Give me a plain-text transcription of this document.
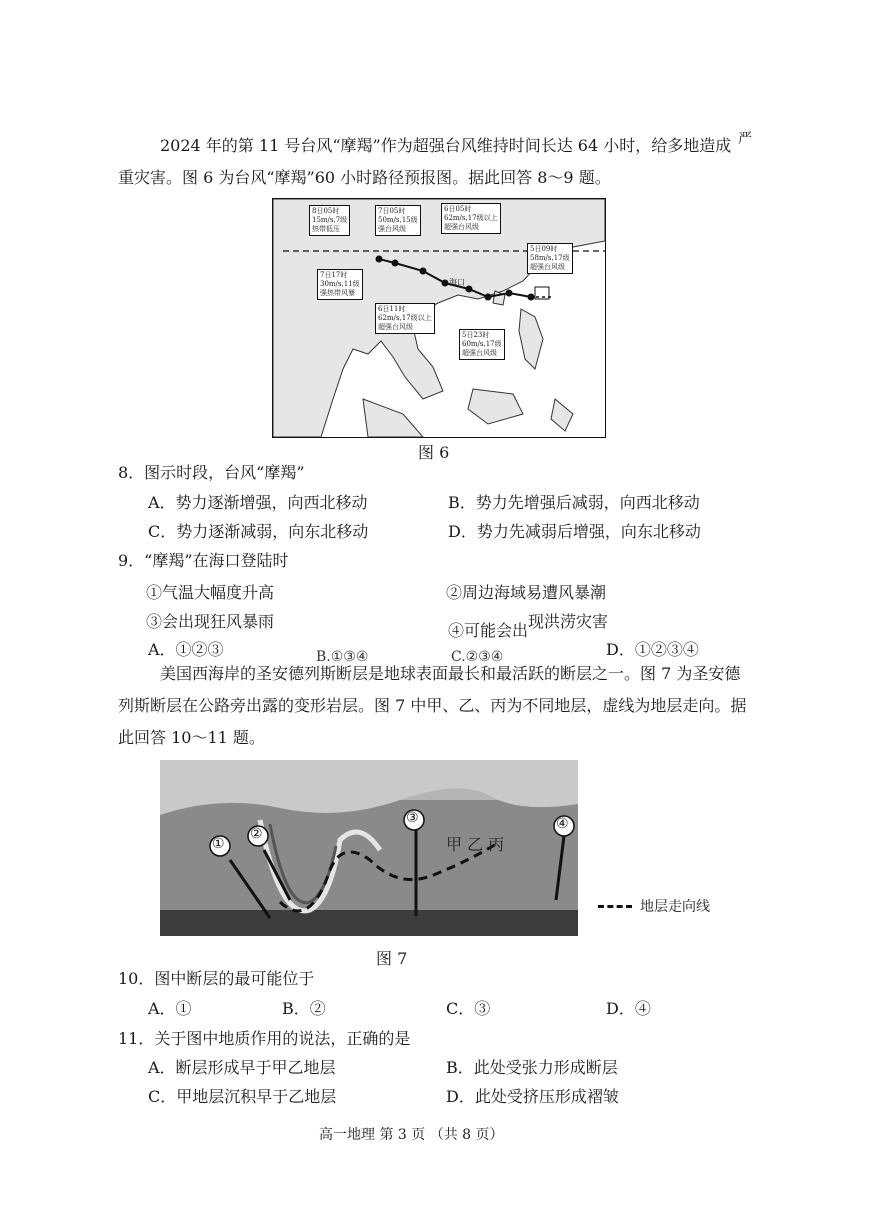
2024 年的第 11 号台风“摩羯”作为超强台风维持时间长达 64 小时，给多地造成 严
重灾害。图 6 为台风“摩羯”60 小时路径预报图。据此回答 8～9 题。
8日05时
15m/s,7级
热带低压
7日05时
50m/s,15级
强台风级
6日05时
62m/s,17级以上
超强台风级
5日09时
58m/s,17级
超强台风级
7日17时
30m/s,11级
强热带风暴
6日11时
62m/s,17级以上
超强台风级
5日23时
60m/s,17级
超强台风级
海口
图 6
8．图示时段，台风“摩羯”
A．势力逐渐增强，向西北移动	B．势力先增强后减弱，向西北移动
C．势力逐渐减弱，向东北移动	D．势力先减弱后增强，向东北移动
9．“摩羯”在海口登陆时
①气温大幅度升高	②周边海域易遭风暴潮
③会出现狂风暴雨	④可能会出 现洪涝灾害
A．①②③	B.①③④	C.②③④	D．①②③④
美国西海岸的圣安德列斯断层是地球表面最长和最活跃的断层之一。图 7 为圣安德
列斯断层在公路旁出露的变形岩层。图 7 中甲、乙、丙为不同地层，虚线为地层走向。据
此回答 10～11 题。
①
②
③	④
甲 乙 丙
地层走向线
图 7
10．图中断层的最可能位于
A．①	B．②	C．③	D．④
11．关于图中地质作用的说法，正确的是
A．断层形成早于甲乙地层	B．此处受张力形成断层
C．甲地层沉积早于乙地层	D．此处受挤压形成褶皱
高一地理 第 3 页 （共 8 页）
